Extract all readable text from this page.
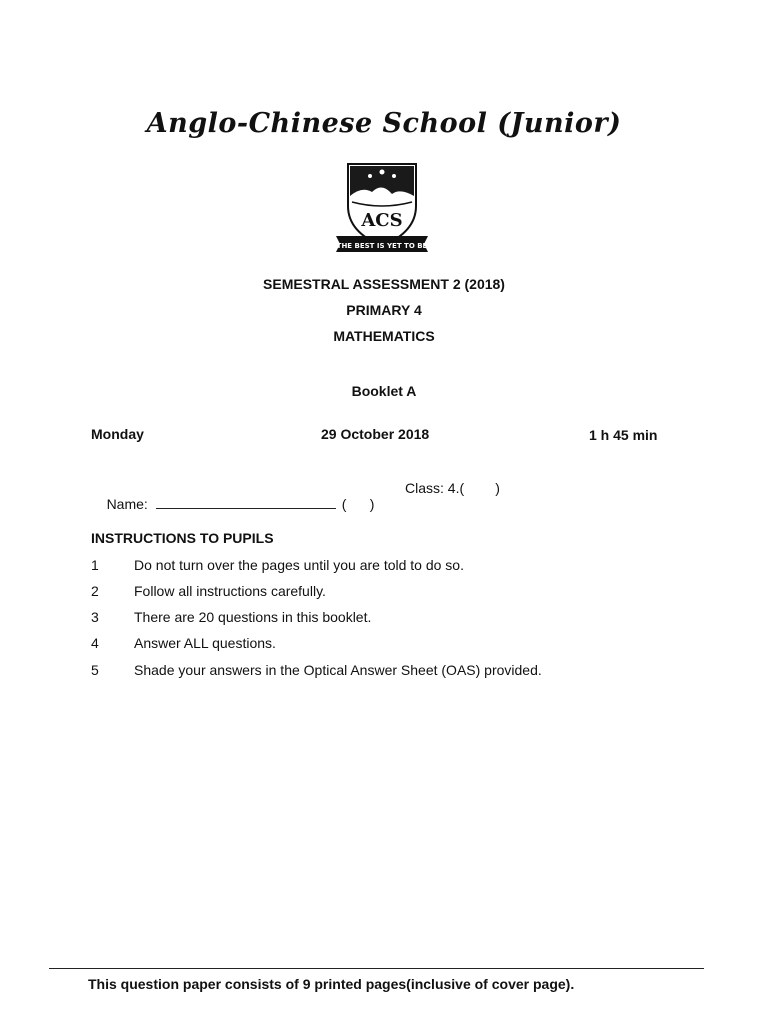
Anglo-Chinese School (Junior)
ACS
THE BEST IS YET TO BE
SEMESTRAL ASSESSMENT 2 (2018)
PRIMARY 4
MATHEMATICS
Booklet A
Monday	29 October 2018	1 h 45 min

Name:	(      )

Class: 4.(        )
INSTRUCTIONS TO PUPILS
1	Do not turn over the pages until you are told to do so.
2	Follow all instructions carefully.
3	There are 20 questions in this booklet.
4	Answer ALL questions.
5	Shade your answers in the Optical Answer Sheet (OAS) provided.
This question paper consists of 9 printed pages(inclusive of cover page).
